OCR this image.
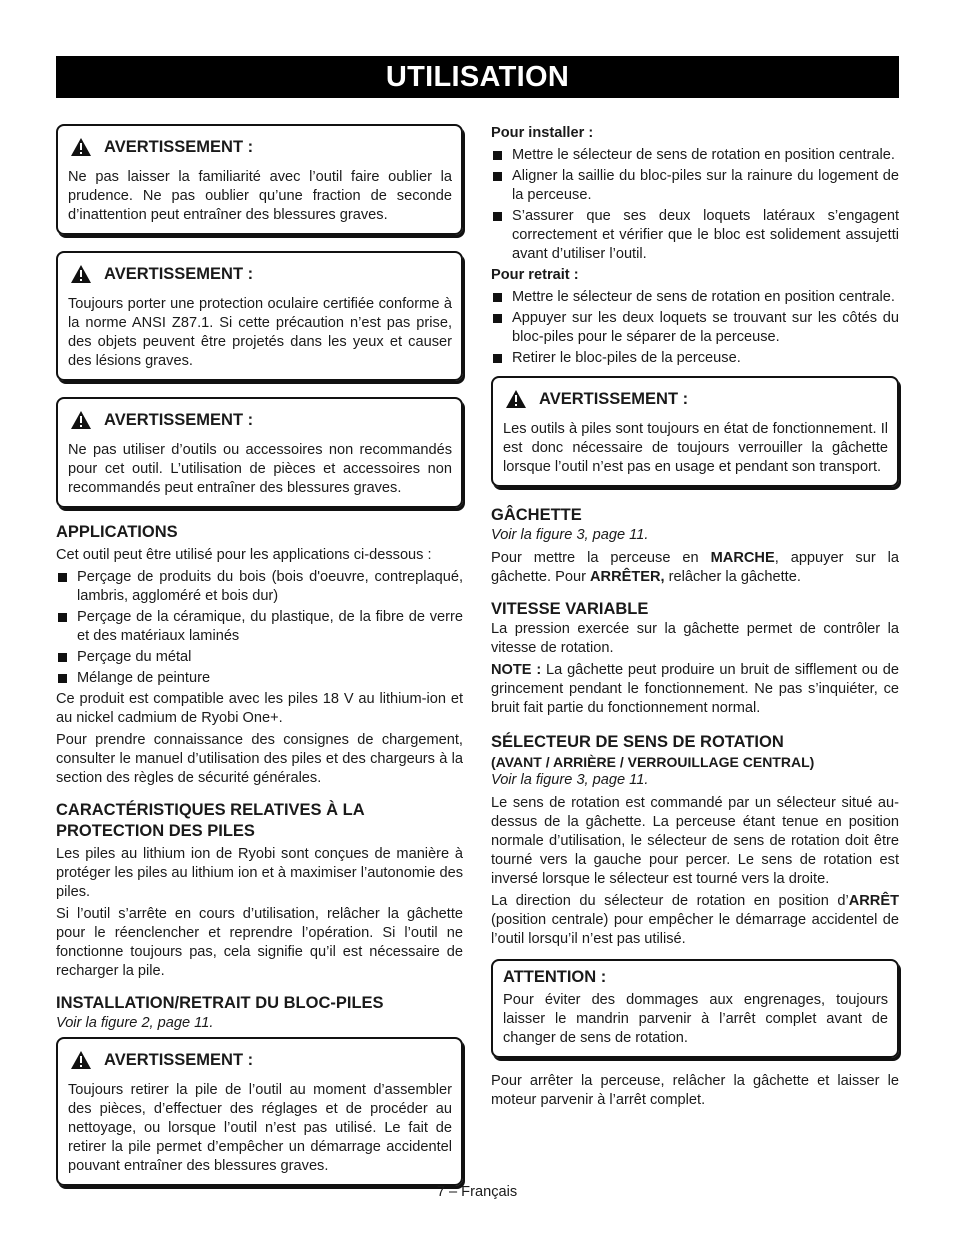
UTILISATION
AVERTISSEMENT :
Ne pas laisser la familiarité avec l’outil faire oublier la prudence. Ne pas oublier qu’une fraction de seconde d’inattention peut entraîner des blessures graves.
AVERTISSEMENT :
Toujours porter une protection oculaire certifiée conforme à la norme ANSI Z87.1. Si cette précaution n’est pas prise, des objets peuvent être projetés dans les yeux et causer des lésions graves.
AVERTISSEMENT :
Ne pas utiliser d’outils ou accessoires non recommandés pour cet outil. L’utilisation de pièces et accessoires non recommandés peut entraîner des blessures graves.
APPLICATIONS

Cet outil peut être utilisé pour les applications ci-dessous :

Perçage de produits du bois (bois d'oeuvre, contreplaqué, lambris, aggloméré et bois dur)
Perçage de la céramique, du plastique, de la fibre de verre et des matériaux laminés
Perçage du métal
Mélange de peinture

Ce produit est compatible avec les piles 18 V au lithium-ion et au nickel cadmium de Ryobi One+.

Pour prendre connaissance des consignes de chargement, consulter le manuel d’utilisation des piles et des chargeurs à la section des règles de sécurité générales.

CARACTÉRISTIQUES RELATIVES À LA PROTECTION DES PILES

Les piles au lithium ion de Ryobi sont conçues de manière à protéger les piles au lithium ion et à maximiser l’autonomie des piles.

Si l’outil s’arrête en cours d’utilisation, relâcher la gâchette pour le réenclencher et reprendre l’opération. Si l’outil ne fonctionne toujours pas, cela signifie qu’il est nécessaire de recharger la pile.

INSTALLATION/RETRAIT DU BLOC-PILES

Voir la figure 2, page 11.

AVERTISSEMENT :
Toujours retirer la pile de l’outil au moment d’assembler des pièces, d’effectuer des réglages et de procéder au nettoyage, ou lorsque l’outil n’est pas utilisé. Le fait de retirer la pile permet d’empêcher un démarrage accidentel pouvant entraîner des blessures graves.

Pour installer :

Mettre le sélecteur de sens de rotation en position centrale.
Aligner la saillie du bloc-piles sur la rainure du logement de la perceuse.
S’assurer que ses deux loquets latéraux s’engagent correctement et vérifier que le bloc est solidement assujetti avant d’utiliser l’outil.

Pour retrait :

Mettre le sélecteur de sens de rotation en position centrale.
Appuyer sur les deux loquets se trouvant sur les côtés du bloc-piles pour le séparer de la perceuse.
Retirer le bloc-piles de la perceuse.
AVERTISSEMENT :
Les outils à piles sont toujours en état de fonctionnement. Il est donc nécessaire de toujours verrouiller la gâchette lorsque l’outil n’est pas en usage et pendant son transport.
GÂCHETTE

Voir la figure 3, page 11.

Pour mettre la perceuse en MARCHE, appuyer sur la gâchette. Pour ARRÊTER, relâcher la gâchette.

VITESSE VARIABLE

La pression exercée sur la gâchette permet de contrôler la vitesse de rotation.

NOTE : La gâchette peut produire un bruit de sifflement ou de grincement pendant le fonctionnement. Ne pas s’inquiéter, ce bruit fait partie du fonctionnement normal.

SÉLECTEUR DE SENS DE ROTATION
(AVANT / ARRIÈRE / VERROUILLAGE CENTRAL)

Voir la figure 3, page 11.

Le sens de rotation est commandé par un sélecteur situé au-dessus de la gâchette. La perceuse étant tenue en position normale d’utilisation, le sélecteur de sens de rotation doit être tourné vers la gauche pour percer. Le sens de rotation est inversé lorsque le sélecteur est tourné vers la droite.

La direction du sélecteur de rotation en position d’ARRÊT (position centrale) pour empêcher le démarrage accidentel de l’outil lorsqu’il n’est pas utilisé.

ATTENTION :
Pour éviter des dommages aux engrenages, toujours laisser le mandrin parvenir à l’arrêt complet avant de changer de sens de rotation.

Pour arrêter la perceuse, relâcher la gâchette et laisser le moteur parvenir à l’arrêt complet.

7 – Français
